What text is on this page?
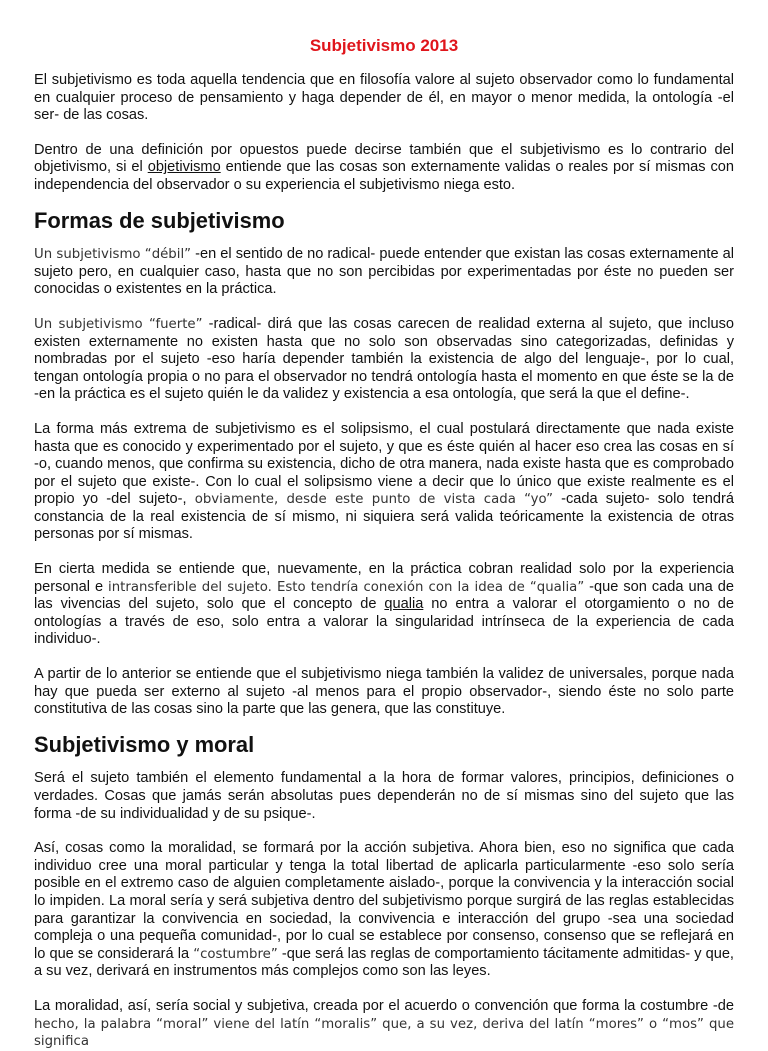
Subjetivismo 2013

El subjetivismo es toda aquella tendencia que en filosofía valore al sujeto observador como lo fundamental en cualquier proceso de pensamiento y haga depender de él, en mayor o menor medida, la ontología -el ser- de las cosas.

Dentro de una definición por opuestos puede decirse también que el subjetivismo es lo contrario del objetivismo, si el objetivismo entiende que las cosas son externamente validas o reales por sí mismas con independencia del observador o su experiencia el subjetivismo niega esto.

Formas de subjetivismo

Un subjetivismo “débil” -en el sentido de no radical- puede entender que existan las cosas externamente al sujeto pero, en cualquier caso, hasta que no son percibidas por experimentadas por éste no pueden ser conocidas o existentes en la práctica.

Un subjetivismo “fuerte” -radical- dirá que las cosas carecen de realidad externa al sujeto, que incluso existen externamente no existen hasta que no solo son observadas sino categorizadas, definidas y nombradas por el sujeto -eso haría depender también la existencia de algo del lenguaje-, por lo cual, tengan ontología propia o no para el observador no tendrá ontología hasta el momento en que éste se la de -en la práctica es el sujeto quién le da validez y existencia a esa ontología, que será la que el define-.

La forma más extrema de subjetivismo es el solipsismo, el cual postulará directamente que nada existe hasta que es conocido y experimentado por el sujeto, y que es éste quién al hacer eso crea las cosas en sí -o, cuando menos, que confirma su existencia, dicho de otra manera, nada existe hasta que es comprobado por el sujeto que existe-. Con lo cual el solipsismo viene a decir que lo único que existe realmente es el propio yo -del sujeto-, obviamente, desde este punto de vista cada “yo” -cada sujeto- solo tendrá constancia de la real existencia de sí mismo, ni siquiera será valida teóricamente la existencia de otras personas por sí mismas.

En cierta medida se entiende que, nuevamente, en la práctica cobran realidad solo por la experiencia personal e intransferible del sujeto. Esto tendría conexión con la idea de “qualia” -que son cada una de las vivencias del sujeto, solo que el concepto de qualia no entra a valorar el otorgamiento o no de ontologías a través de eso, solo entra a valorar la singularidad intrínseca de la experiencia de cada individuo-.

A partir de lo anterior se entiende que el subjetivismo niega también la validez de universales, porque nada hay que pueda ser externo al sujeto -al menos para el propio observador-, siendo éste no solo parte constitutiva de las cosas sino la parte que las genera, que las constituye.

Subjetivismo y moral

Será el sujeto también el elemento fundamental a la hora de formar valores, principios, definiciones o verdades. Cosas que jamás serán absolutas pues dependerán no de sí mismas sino del sujeto que las forma -de su individualidad y de su psique-.

Así, cosas como la moralidad, se formará por la acción subjetiva. Ahora bien, eso no significa que cada individuo cree una moral particular y tenga la total libertad de aplicarla particularmente -eso solo sería posible en el extremo caso de alguien completamente aislado-, porque la convivencia y la interacción social lo impiden. La moral sería y será subjetiva dentro del subjetivismo porque surgirá de las reglas establecidas para garantizar la convivencia en sociedad, la convivencia e interacción del grupo -sea una sociedad compleja o una pequeña comunidad-, por lo cual se establece por consenso, consenso que se reflejará en lo que se considerará la “costumbre” -que será las reglas de comportamiento tácitamente admitidas- y que, a su vez, derivará en instrumentos más complejos como son las leyes.

La moralidad, así, sería social y subjetiva, creada por el acuerdo o convención que forma la costumbre -de hecho, la palabra “moral” viene del latín “moralis” que, a su vez, deriva del latín “mores” o “mos” que significa
